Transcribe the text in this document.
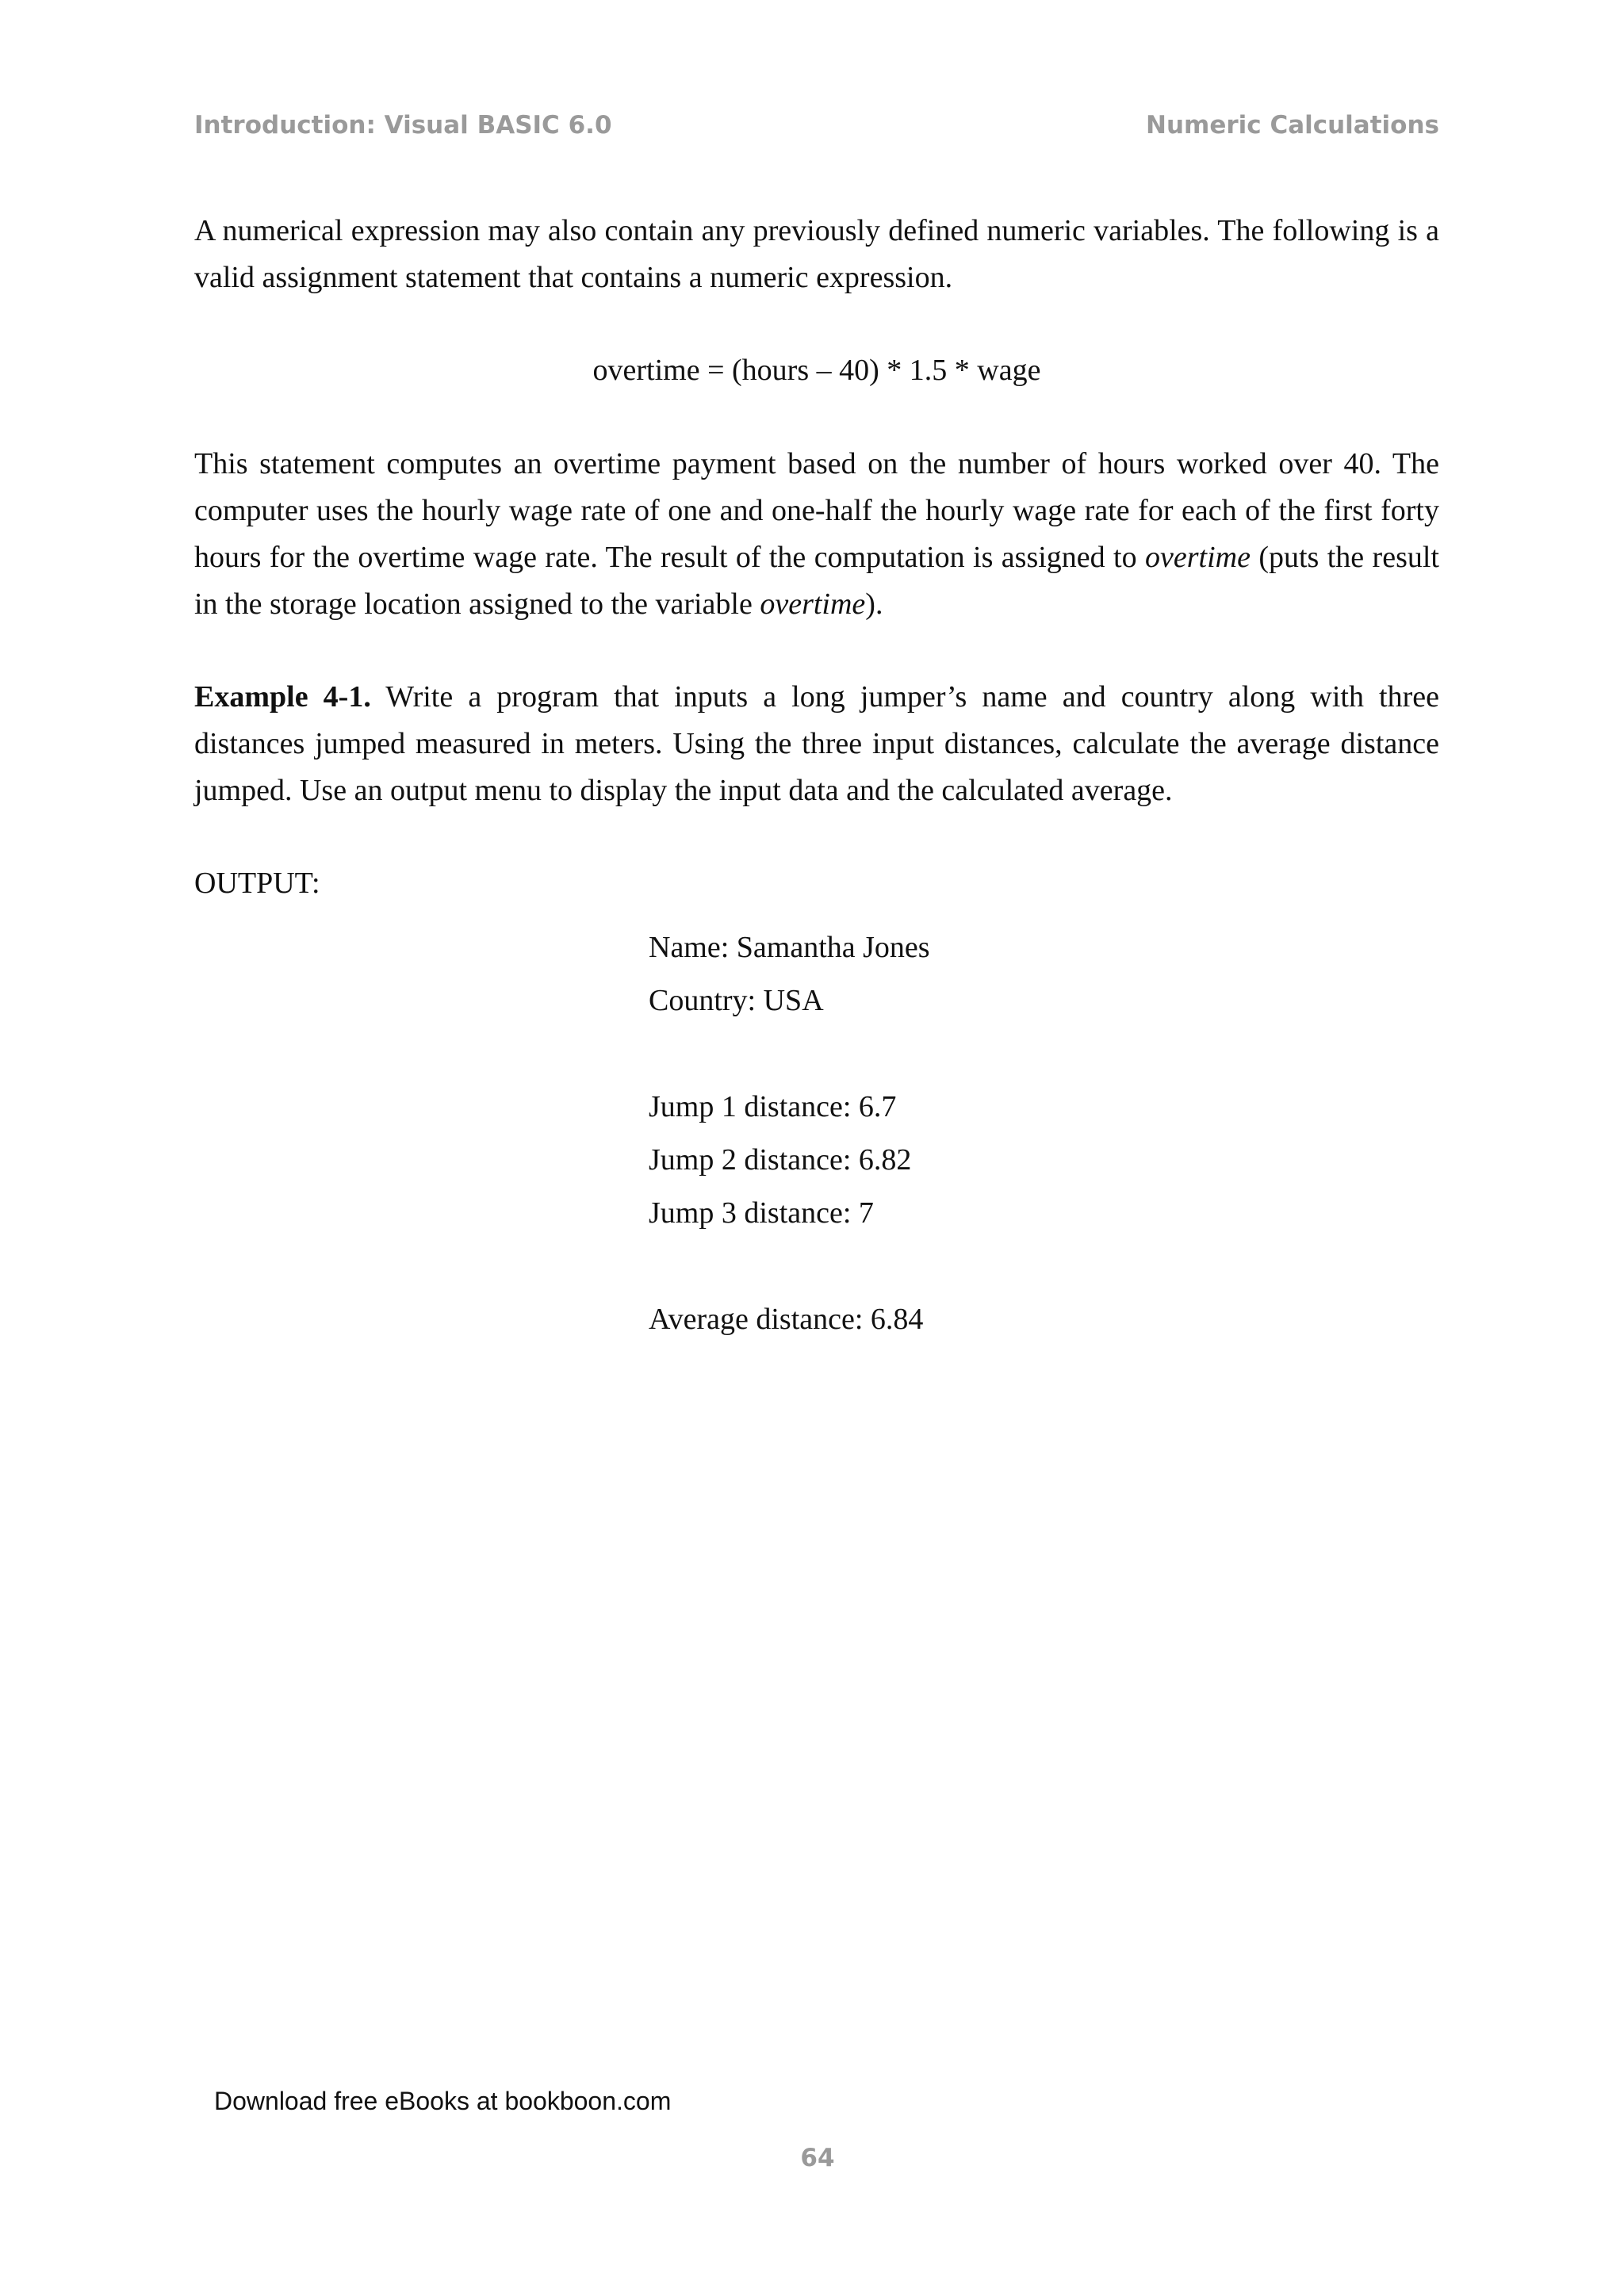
Introduction: Visual BASIC 6.0	Numeric Calculations

A numerical expression may also contain any previously defined numeric variables. The following is a valid assignment statement that contains a numeric expression.

overtime = (hours – 40) * 1.5 * wage

This statement computes an overtime payment based on the number of hours worked over 40. The computer uses the hourly wage rate of one and one-half the hourly wage rate for each of the first forty hours for the overtime wage rate. The result of the computation is assigned to overtime (puts the result in the storage location assigned to the variable overtime).

Example 4-1. Write a program that inputs a long jumper’s name and country along with three distances jumped measured in meters. Using the three input distances, calculate the average distance jumped. Use an output menu to display the input data and the calculated average.

OUTPUT:

Name: Samantha Jones
Country: USA
Jump 1 distance: 6.7
Jump 2 distance: 6.82
Jump 3 distance: 7
Average distance: 6.84
Download free eBooks at bookboon.com
64
